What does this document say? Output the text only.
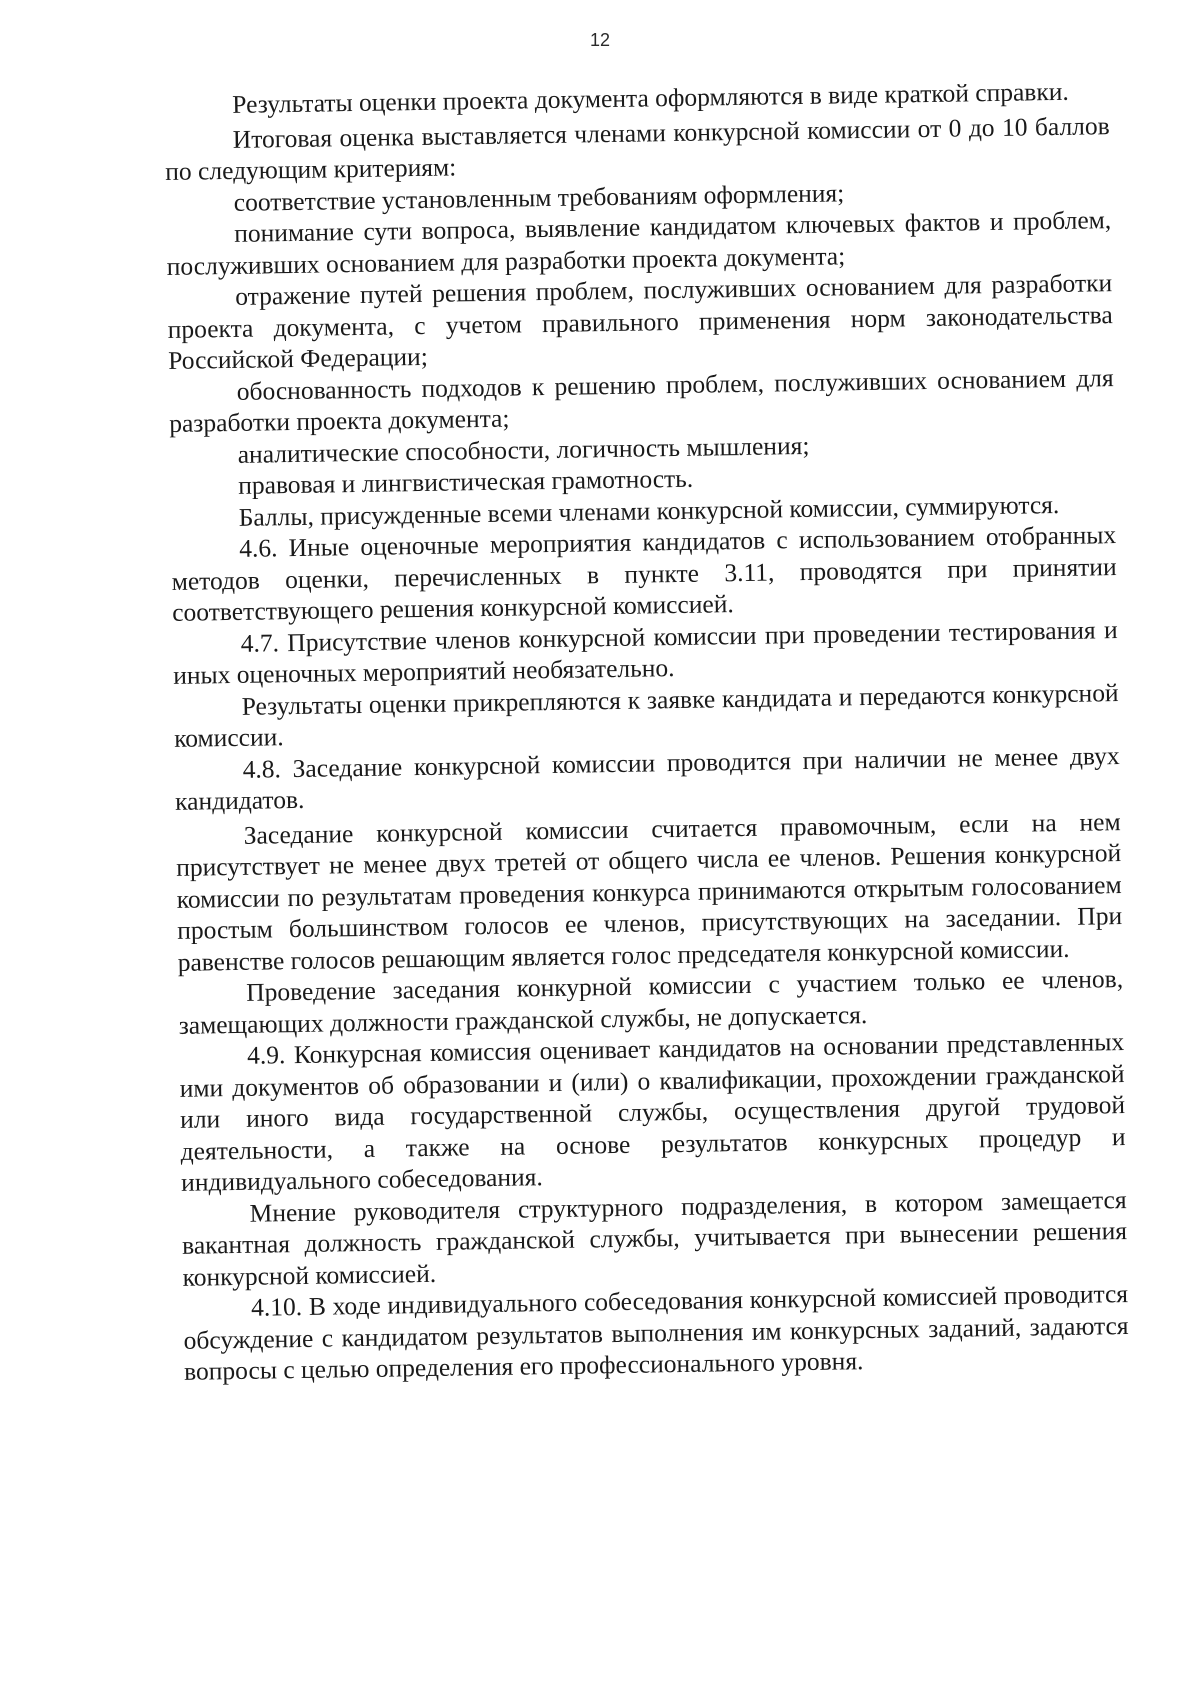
12

Результаты оценки проекта документа оформляются в виде краткой справки.

Итоговая оценка выставляется членами конкурсной комиссии от 0 до 10 баллов по следующим критериям:

соответствие установленным требованиям оформления;

понимание сути вопроса, выявление кандидатом ключевых фактов и проблем, послуживших основанием для разработки проекта документа;

отражение путей решения проблем, послуживших основанием для разработки проекта документа, с учетом правильного применения норм законодательства Российской Федерации;

обоснованность подходов к решению проблем, послуживших основанием для разработки проекта документа;

аналитические способности, логичность мышления;

правовая и лингвистическая грамотность.

Баллы, присужденные всеми членами конкурсной комиссии, суммируются.

4.6. Иные оценочные мероприятия кандидатов с использованием отобранных методов оценки, перечисленных в пункте 3.11, проводятся при принятии соответствующего решения конкурсной комиссией.

4.7. Присутствие членов конкурсной комиссии при проведении тестирования и иных оценочных мероприятий необязательно.

Результаты оценки прикрепляются к заявке кандидата и передаются конкурсной комиссии.

4.8. Заседание конкурсной комиссии проводится при наличии не менее двух кандидатов.

Заседание конкурсной комиссии считается правомочным, если на нем присутствует не менее двух третей от общего числа ее членов. Решения конкурсной комиссии по результатам проведения конкурса принимаются открытым голосованием простым большинством голосов ее членов, присутствующих на заседании. При равенстве голосов решающим является голос председателя конкурсной комиссии.

Проведение заседания конкурной комиссии с участием только ее членов, замещающих должности гражданской службы, не допускается.

4.9. Конкурсная комиссия оценивает кандидатов на основании представленных ими документов об образовании и (или) о квалификации, прохождении гражданской или иного вида государственной службы, осуществления другой трудовой деятельности, а также на основе результатов конкурсных процедур и индивидуального собеседования.

Мнение руководителя структурного подразделения, в котором замещается вакантная должность гражданской службы, учитывается при вынесении решения конкурсной комиссией.

4.10. В ходе индивидуального собеседования конкурсной комиссией проводится обсуждение с кандидатом результатов выполнения им конкурсных заданий, задаются вопросы с целью определения его профессионального уровня.
